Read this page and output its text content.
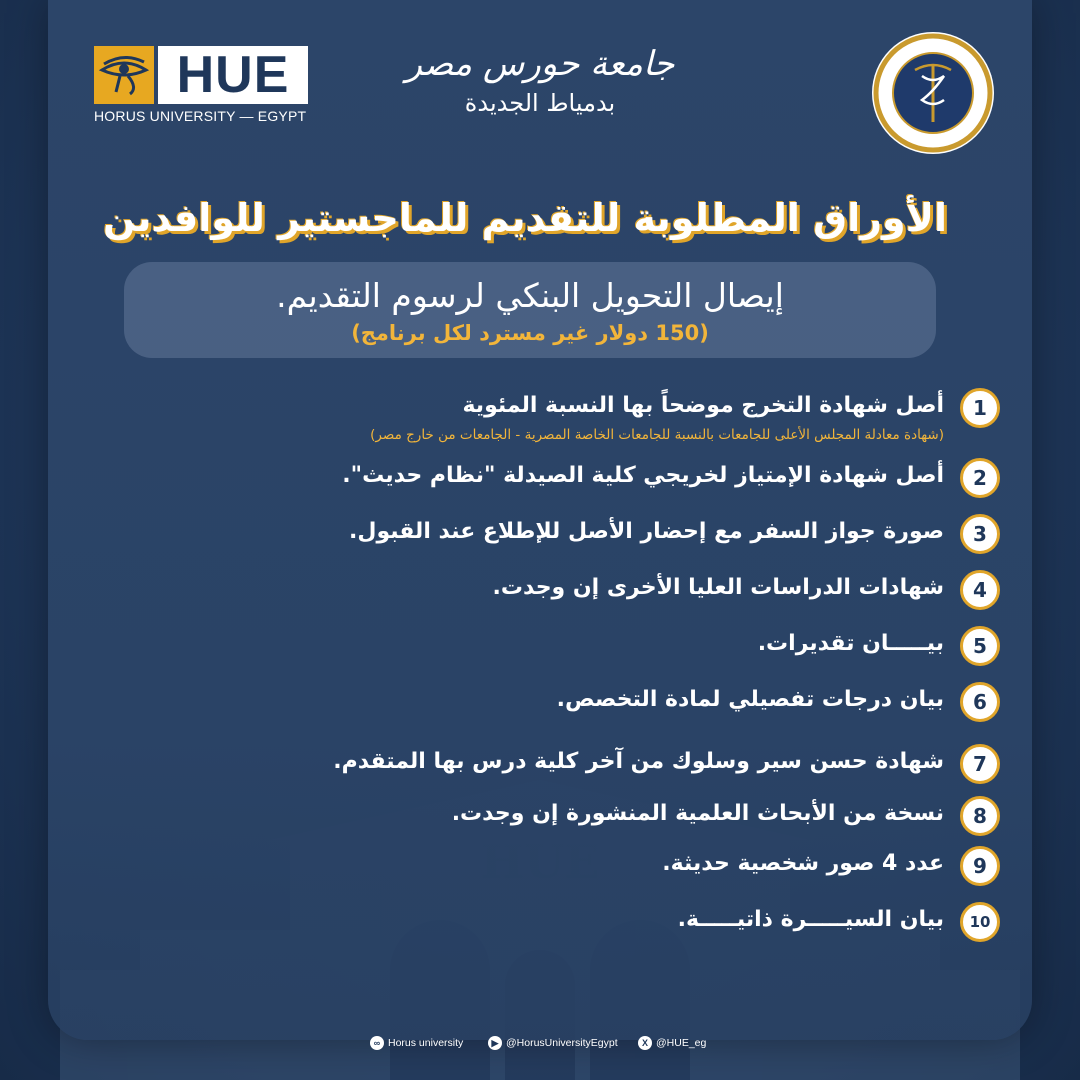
HUE
HORUS UNIVERSITY — EGYPT
جامعة حورس مصر
بدمياط الجديدة
الأوراق المطلوبة للتقديم للماجستير للوافدين
إيصال التحويل البنكي لرسوم التقديم.
(150 دولار غير مسترد لكل برنامج)
1
أصل شهادة التخرج موضحاً بها النسبة المئوية
(شهادة معادلة المجلس الأعلى للجامعات بالنسبة للجامعات الخاصة المصرية - الجامعات من خارج مصر)
2
أصل شهادة الإمتياز لخريجي كلية الصيدلة "نظام حديث".
3
صورة جواز السفر مع إحضار الأصل للإطلاع عند القبول.
4
شهادات الدراسات العليا الأخرى إن وجدت.
5
بيـــــان تقديرات.
6
بيان درجات تفصيلي لمادة التخصص.
7
شهادة حسن سير وسلوك من آخر كلية درس بها المتقدم.
8
نسخة من الأبحاث العلمية المنشورة إن وجدت.
9
عدد 4 صور شخصية حديثة.
10
بيان السيـــــرة ذاتيـــــة.
∞ Horus university	▶ @HorusUniversityEgypt	X @HUE_eg
